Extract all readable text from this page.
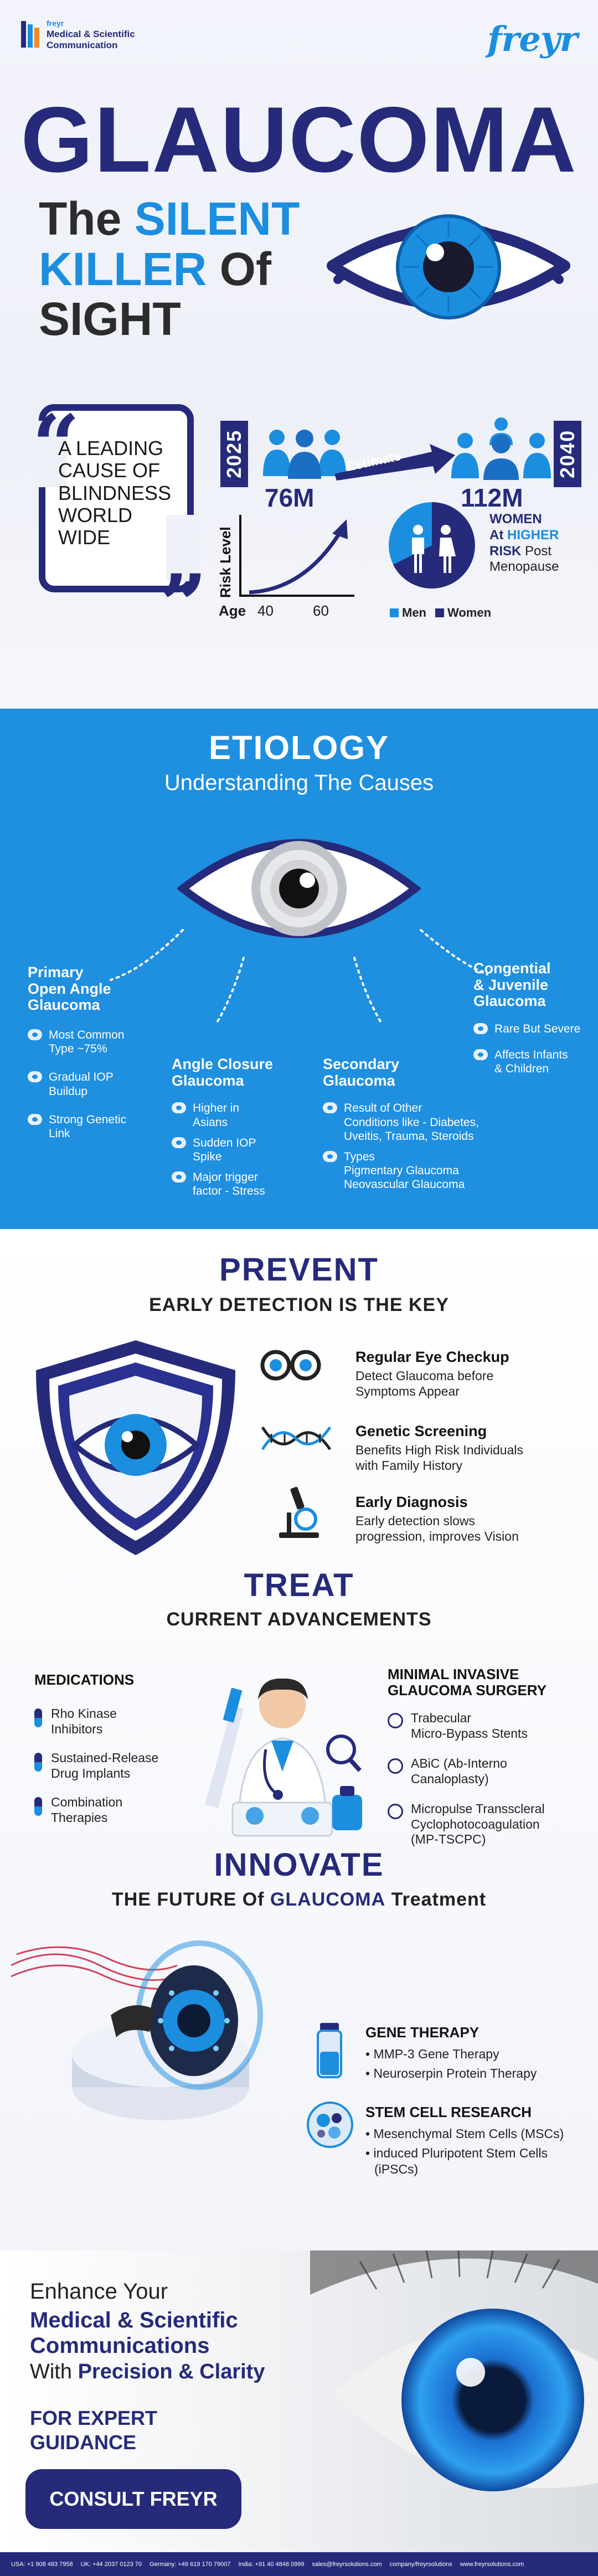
freyr
Medical & Scientific
Communication	freyr
GLAUCOMA
The SILENT
KILLER Of
SIGHT
“
”
A LEADING CAUSE OF BLINDNESS WORLD WIDE
2025	2040
76M
Estimate
112M
Risk Level
Age 40	60
WOMEN
At HIGHER
RISK Post
Menopause
Men Women
ETIOLOGY
Understanding The Causes
Primary
Open Angle
Glaucoma
Most Common
Type ~75%
Gradual IOP
Buildup
Strong Genetic
Link
Angle Closure
Glaucoma
Higher in
Asians
Sudden IOP
Spike
Major trigger
factor - Stress
Secondary
Glaucoma
Result of Other
Conditions like - Diabetes,
Uveitis, Trauma, Steroids
Types
Pigmentary Glaucoma
Neovascular Glaucoma
Congential
& Juvenile
Glaucoma
Rare But Severe
Affects Infants
& Children
PREVENT
EARLY DETECTION IS THE KEY
Regular Eye Checkup
Detect Glaucoma before
Symptoms Appear
Genetic Screening
Benefits High Risk Individuals
with Family History
Early Diagnosis
Early detection slows
progression, improves Vision
TREAT
CURRENT ADVANCEMENTS
MEDICATIONS
Rho Kinase
Inhibitors
Sustained-Release
Drug Implants
Combination
Therapies
MINIMAL INVASIVE
GLAUCOMA SURGERY
Trabecular
Micro-Bypass Stents
ABiC (Ab-Interno
Canaloplasty)
Micropulse Transscleral
Cyclophotocoagulation
(MP-TSCPC)
INNOVATE
THE FUTURE Of GLAUCOMA Treatment
GENE THERAPY
• MMP-3 Gene Therapy
• Neuroserpin Protein Therapy
STEM CELL RESEARCH
• Mesenchymal Stem Cells (MSCs)
• induced Pluripotent Stem Cells
(iPSCs)
Enhance Your
Medical & Scientific
Communications
With Precision & Clarity
FOR EXPERT
GUIDANCE
CONSULT FREYR
USA: +1 908 483 7958 UK: +44 2037 0123 70 Germany: +49 619 170 79007 India: +91 40 4848 0999 sales@freyrsolutions.com company/freyrsolutions www.freyrsolutions.com
